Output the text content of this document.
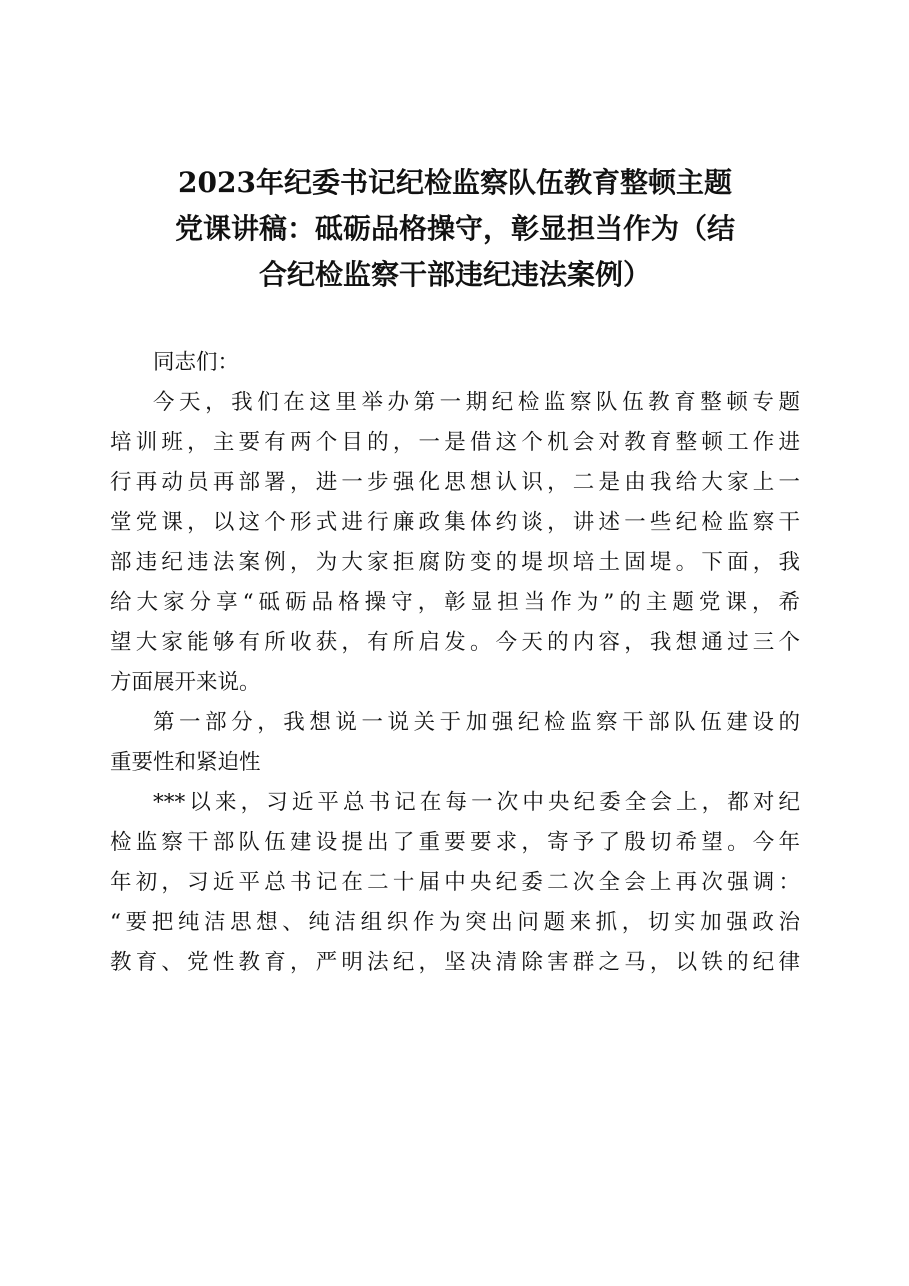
2023年纪委书记纪检监察队伍教育整顿主题
党课讲稿：砥砺品格操守，彰显担当作为（结
合纪检监察干部违纪违法案例）

同志们：

今天，我们在这里举办第一期纪检监察队伍教育整顿专题
培训班，主要有两个目的，一是借这个机会对教育整顿工作进
行再动员再部署，进一步强化思想认识，二是由我给大家上一
堂党课，以这个形式进行廉政集体约谈，讲述一些纪检监察干
部违纪违法案例，为大家拒腐防变的堤坝培土固堤。下面，我
给大家分享“砥砺品格操守，彰显担当作为”的主题党课，希
望大家能够有所收获，有所启发。今天的内容，我想通过三个
方面展开来说。

第一部分，我想说一说关于加强纪检监察干部队伍建设的
重要性和紧迫性

***以来，习近平总书记在每一次中央纪委全会上，都对纪
检监察干部队伍建设提出了重要要求，寄予了殷切希望。今年
年初，习近平总书记在二十届中央纪委二次全会上再次强调：
“要把纯洁思想、纯洁组织作为突出问题来抓，切实加强政治
教育、党性教育，严明法纪，坚决清除害群之马，以铁的纪律
